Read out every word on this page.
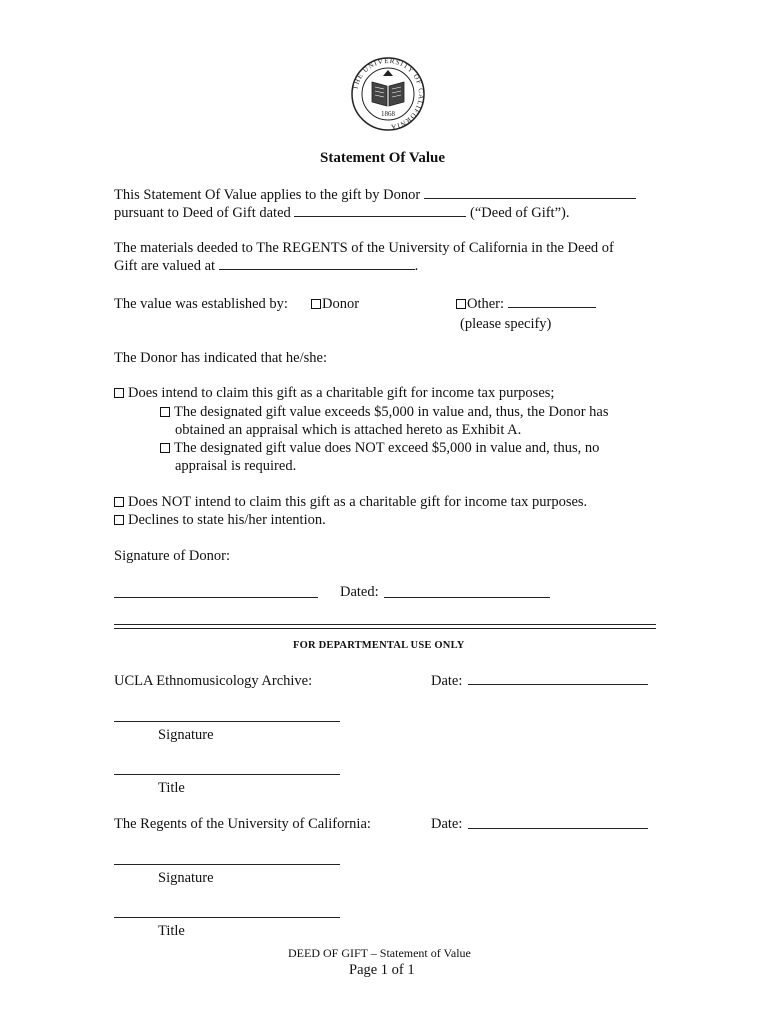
THE UNIVERSITY OF CALIFORNIA
1868
Statement Of Value
This Statement Of Value applies to the gift by Donor
pursuant to Deed of Gift dated	(“Deed of Gift”).
The materials deeded to The REGENTS of the University of California in the Deed of
Gift are valued at	.
The value was established by:	Donor	Other:
(please specify)
The Donor has indicated that he/she:
Does intend to claim this gift as a charitable gift for income tax purposes;
The designated gift value exceeds $5,000 in value and, thus, the Donor has
obtained an appraisal which is attached hereto as Exhibit A.
The designated gift value does NOT exceed $5,000 in value and, thus, no
appraisal is required.
Does NOT intend to claim this gift as a charitable gift for income tax purposes.
Declines to state his/her intention.
Signature of Donor:
Dated:
FOR DEPARTMENTAL USE ONLY
UCLA Ethnomusicology Archive:	Date:
Signature
Title
The Regents of the University of California:	Date:
Signature
Title
DEED OF GIFT – Statement of Value
Page 1 of 1
